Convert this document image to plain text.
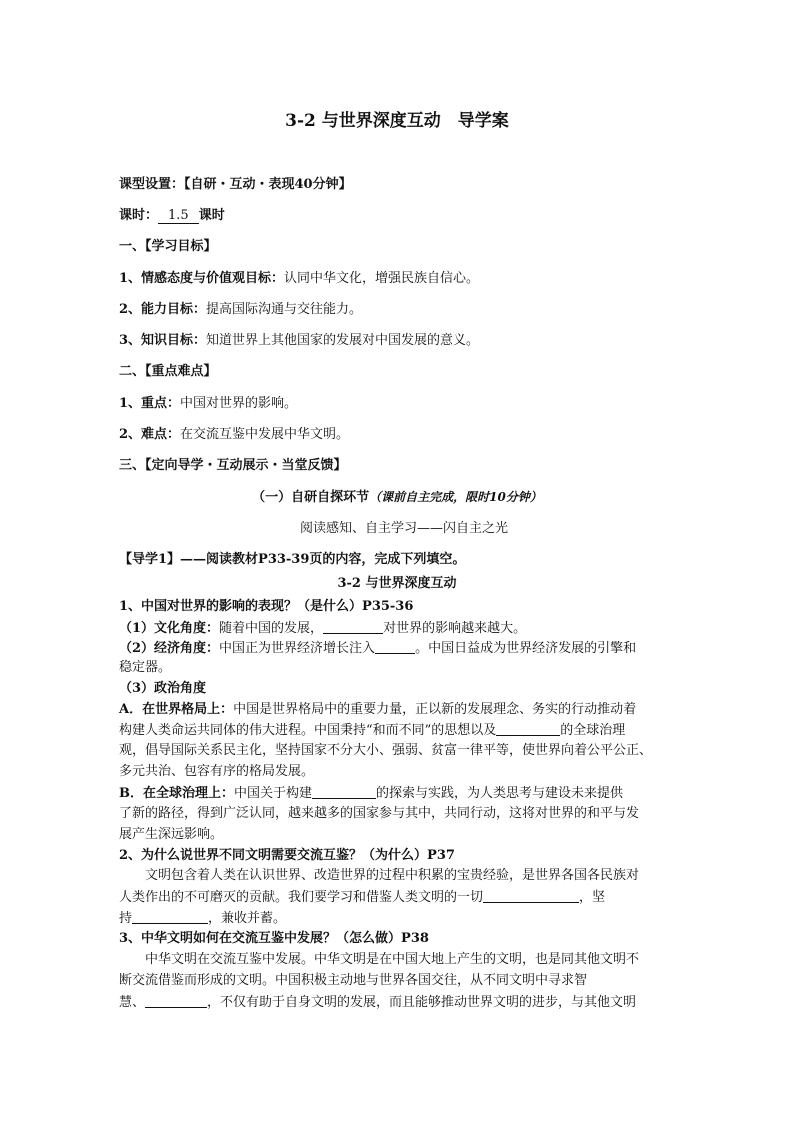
3-2 与世界深度互动　导学案
课型设置：【自研・互动・表现40分钟】
课时： 1.5 课时
一、【学习目标】
1、情感态度与价值观目标：认同中华文化，增强民族自信心。
2、能力目标：提高国际沟通与交往能力。
3、知识目标：知道世界上其他国家的发展对中国发展的意义。
二、【重点难点】
1、重点：中国对世界的影响。
2、难点：在交流互鉴中发展中华文明。
三、【定向导学・互动展示・当堂反馈】
（一）自研自探环节（课前自主完成，限时10分钟）
阅读感知、自主学习——闪自主之光
【导学1】——阅读教材P33-39页的内容，完成下列填空。
3-2 与世界深度互动
1、中国对世界的影响的表现？（是什么）P35-36
（1）文化角度：随着中国的发展，	对世界的影响越来越大。
（2）经济角度：中国正为世界经济增长注入	。中国日益成为世界经济发展的引擎和
稳定器。
（3）政治角度
A．在世界格局上：中国是世界格局中的重要力量，正以新的发展理念、务实的行动推动着
构建人类命运共同体的伟大进程。中国秉持“和而不同”的思想以及	的全球治理
观，倡导国际关系民主化，坚持国家不分大小、强弱、贫富一律平等，使世界向着公平公正、
多元共治、包容有序的格局发展。
B．在全球治理上：中国关于构建	的探索与实践，为人类思考与建设未来提供
了新的路径，得到广泛认同，越来越多的国家参与其中，共同行动，这将对世界的和平与发
展产生深远影响。
2、为什么说世界不同文明需要交流互鉴？（为什么）P37
文明包含着人类在认识世界、改造世界的过程中积累的宝贵经验，是世界各国各民族对
人类作出的不可磨灭的贡献。我们要学习和借鉴人类文明的一切	，坚
持	，兼收并蓄。
3、中华文明如何在交流互鉴中发展？（怎么做）P38
中华文明在交流互鉴中发展。中华文明是在中国大地上产生的文明，也是同其他文明不
断交流借鉴而形成的文明。中国积极主动地与世界各国交往，从不同文明中寻求智
慧、	，不仅有助于自身文明的发展，而且能够推动世界文明的进步，与其他文明
